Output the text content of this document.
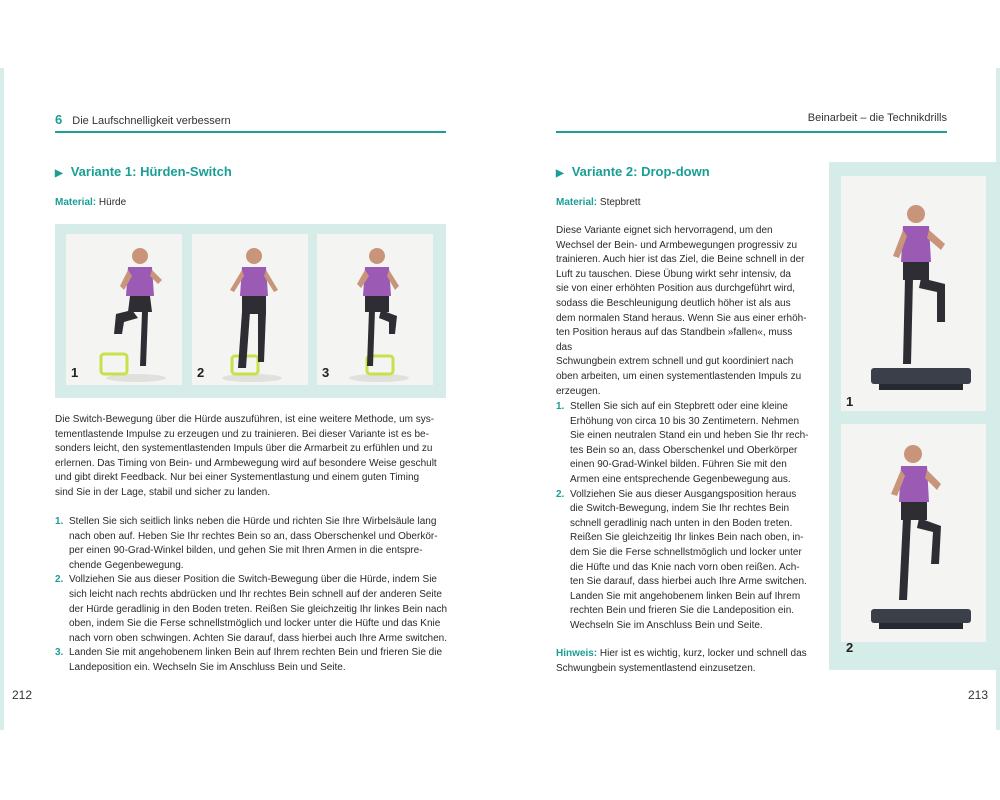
6 Die Laufschnelligkeit verbessern
▶ Variante 1: Hürden-Switch
Material: Hürde
1	2	3

Die Switch-Bewegung über die Hürde auszuführen, ist eine weitere Methode, um sys-

tementlastende Impulse zu erzeugen und zu trainieren. Bei dieser Variante ist es be-

sonders leicht, den systementlastenden Impuls über die Armarbeit zu erfühlen und zu

erlernen. Das Timing von Bein- und Armbewegung wird auf besondere Weise geschult

und gibt direkt Feedback. Nur bei einer Systementlastung und einem guten Timing

sind Sie in der Lage, stabil und sicher zu landen.

1. Stellen Sie sich seitlich links neben die Hürde und richten Sie Ihre Wirbelsäule lang

nach oben auf. Heben Sie Ihr rechtes Bein so an, dass Oberschenkel und Oberkör-

per einen 90-Grad-Winkel bilden, und gehen Sie mit Ihren Armen in die entspre-

chende Gegenbewegung.

2. Vollziehen Sie aus dieser Position die Switch-Bewegung über die Hürde, indem Sie

sich leicht nach rechts abdrücken und Ihr rechtes Bein schnell auf der anderen Seite

der Hürde geradlinig in den Boden treten. Reißen Sie gleichzeitig Ihr linkes Bein nach

oben, indem Sie die Ferse schnellstmöglich und locker unter die Hüfte und das Knie

nach vorn oben schwingen. Achten Sie darauf, dass hierbei auch Ihre Arme switchen.

3. Landen Sie mit angehobenem linken Bein auf Ihrem rechten Bein und frieren Sie die

Landeposition ein. Wechseln Sie im Anschluss Bein und Seite.

212
Beinarbeit – die Technikdrills
▶ Variante 2: Drop-down
Material: Stepbrett

Diese Variante eignet sich hervorragend, um den

Wechsel der Bein- und Armbewegungen progressiv zu

trainieren. Auch hier ist das Ziel, die Beine schnell in der

Luft zu tauschen. Diese Übung wirkt sehr intensiv, da

sie von einer erhöhten Position aus durchgeführt wird,

sodass die Beschleunigung deutlich höher ist als aus

dem normalen Stand heraus. Wenn Sie aus einer erhöh-

ten Position heraus auf das Standbein »fallen«, muss das

Schwungbein extrem schnell und gut koordiniert nach

oben arbeiten, um einen systementlastenden Impuls zu

erzeugen.

1. Stellen Sie sich auf ein Stepbrett oder eine kleine

Erhöhung von circa 10 bis 30 Zentimetern. Nehmen

Sie einen neutralen Stand ein und heben Sie Ihr rech-

tes Bein so an, dass Oberschenkel und Oberkörper

einen 90-Grad-Winkel bilden. Führen Sie mit den

Armen eine entsprechende Gegenbewegung aus.

2. Vollziehen Sie aus dieser Ausgangsposition heraus

die Switch-Bewegung, indem Sie Ihr rechtes Bein

schnell geradlinig nach unten in den Boden treten.

Reißen Sie gleichzeitig Ihr linkes Bein nach oben, in-

dem Sie die Ferse schnellstmöglich und locker unter

die Hüfte und das Knie nach vorn oben reißen. Ach-

ten Sie darauf, dass hierbei auch Ihre Arme switchen.

Landen Sie mit angehobenem linken Bein auf Ihrem

rechten Bein und frieren Sie die Landeposition ein.

Wechseln Sie im Anschluss Bein und Seite.

Hinweis: Hier ist es wichtig, kurz, locker und schnell das

Schwungbein systementlastend einzusetzen.

1
2
213
